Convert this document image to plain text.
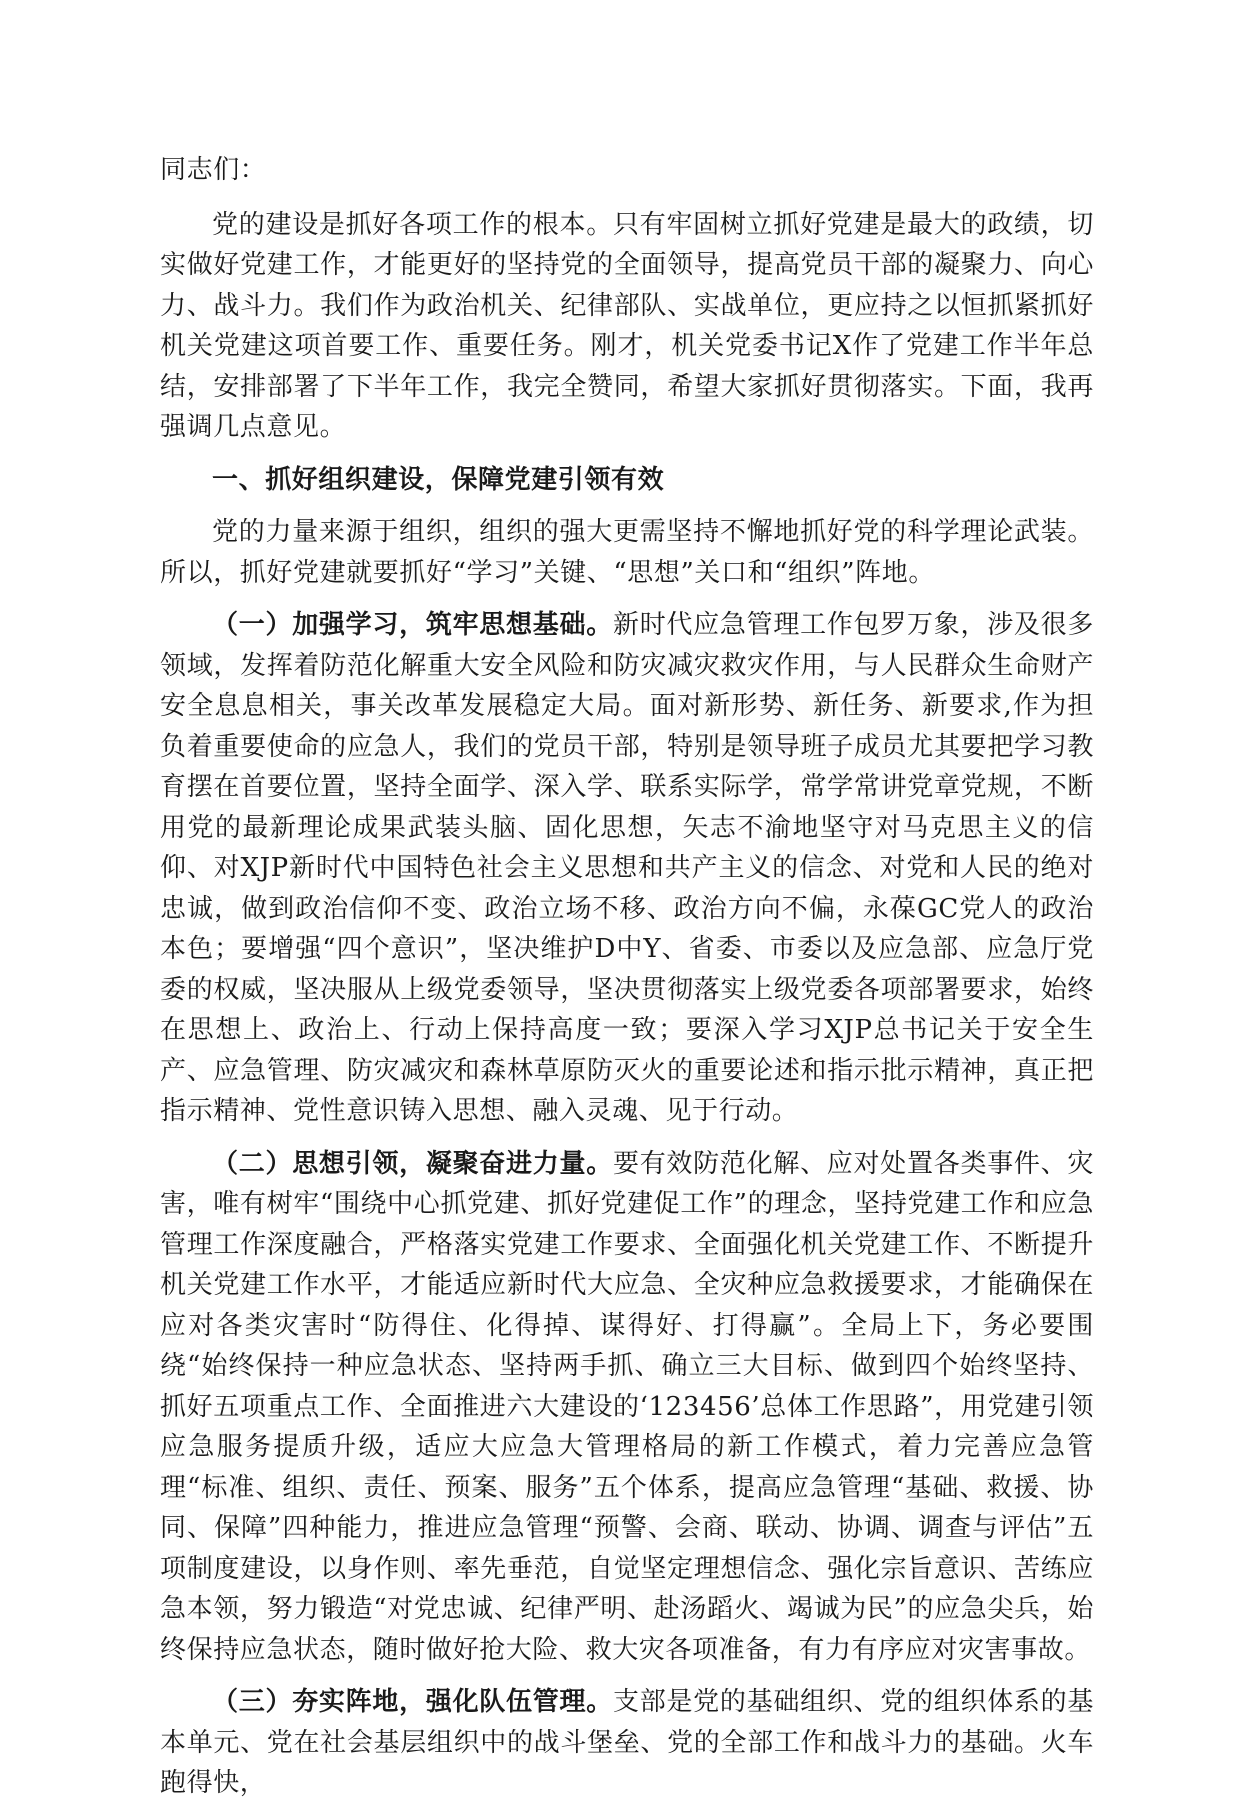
同志们：

党的建设是抓好各项工作的根本。只有牢固树立抓好党建是最大的政绩，切实做好党建工作，才能更好的坚持党的全面领导，提高党员干部的凝聚力、向心力、战斗力。我们作为政治机关、纪律部队、实战单位，更应持之以恒抓紧抓好机关党建这项首要工作、重要任务。刚才，机关党委书记X作了党建工作半年总结，安排部署了下半年工作，我完全赞同，希望大家抓好贯彻落实。下面，我再强调几点意见。

一、抓好组织建设，保障党建引领有效

党的力量来源于组织，组织的强大更需坚持不懈地抓好党的科学理论武装。所以，抓好党建就要抓好“学习”关键、“思想”关口和“组织”阵地。

（一）加强学习，筑牢思想基础。新时代应急管理工作包罗万象，涉及很多领域，发挥着防范化解重大安全风险和防灾减灾救灾作用，与人民群众生命财产安全息息相关，事关改革发展稳定大局。面对新形势、新任务、新要求,作为担负着重要使命的应急人，我们的党员干部，特别是领导班子成员尤其要把学习教育摆在首要位置，坚持全面学、深入学、联系实际学，常学常讲党章党规，不断用党的最新理论成果武装头脑、固化思想，矢志不渝地坚守对马克思主义的信仰、对XJP新时代中国特色社会主义思想和共产主义的信念、对党和人民的绝对忠诚，做到政治信仰不变、政治立场不移、政治方向不偏，永葆GC党人的政治本色；要增强“四个意识”，坚决维护D中Y、省委、市委以及应急部、应急厅党委的权威，坚决服从上级党委领导，坚决贯彻落实上级党委各项部署要求，始终在思想上、政治上、行动上保持高度一致；要深入学习XJP总书记关于安全生产、应急管理、防灾减灾和森林草原防灭火的重要论述和指示批示精神，真正把指示精神、党性意识铸入思想、融入灵魂、见于行动。

（二）思想引领，凝聚奋进力量。要有效防范化解、应对处置各类事件、灾害，唯有树牢“围绕中心抓党建、抓好党建促工作”的理念，坚持党建工作和应急管理工作深度融合，严格落实党建工作要求、全面强化机关党建工作、不断提升机关党建工作水平，才能适应新时代大应急、全灾种应急救援要求，才能确保在应对各类灾害时“防得住、化得掉、谋得好、打得赢”。全局上下，务必要围绕“始终保持一种应急状态、坚持两手抓、确立三大目标、做到四个始终坚持、抓好五项重点工作、全面推进六大建设的‘123456’总体工作思路”，用党建引领应急服务提质升级，适应大应急大管理格局的新工作模式，着力完善应急管理“标准、组织、责任、预案、服务”五个体系，提高应急管理“基础、救援、协同、保障”四种能力，推进应急管理“预警、会商、联动、协调、调查与评估”五项制度建设，以身作则、率先垂范，自觉坚定理想信念、强化宗旨意识、苦练应急本领，努力锻造“对党忠诚、纪律严明、赴汤蹈火、竭诚为民”的应急尖兵，始终保持应急状态，随时做好抢大险、救大灾各项准备，有力有序应对灾害事故。

（三）夯实阵地，强化队伍管理。支部是党的基础组织、党的组织体系的基本单元、党在社会基层组织中的战斗堡垒、党的全部工作和战斗力的基础。火车跑得快，
